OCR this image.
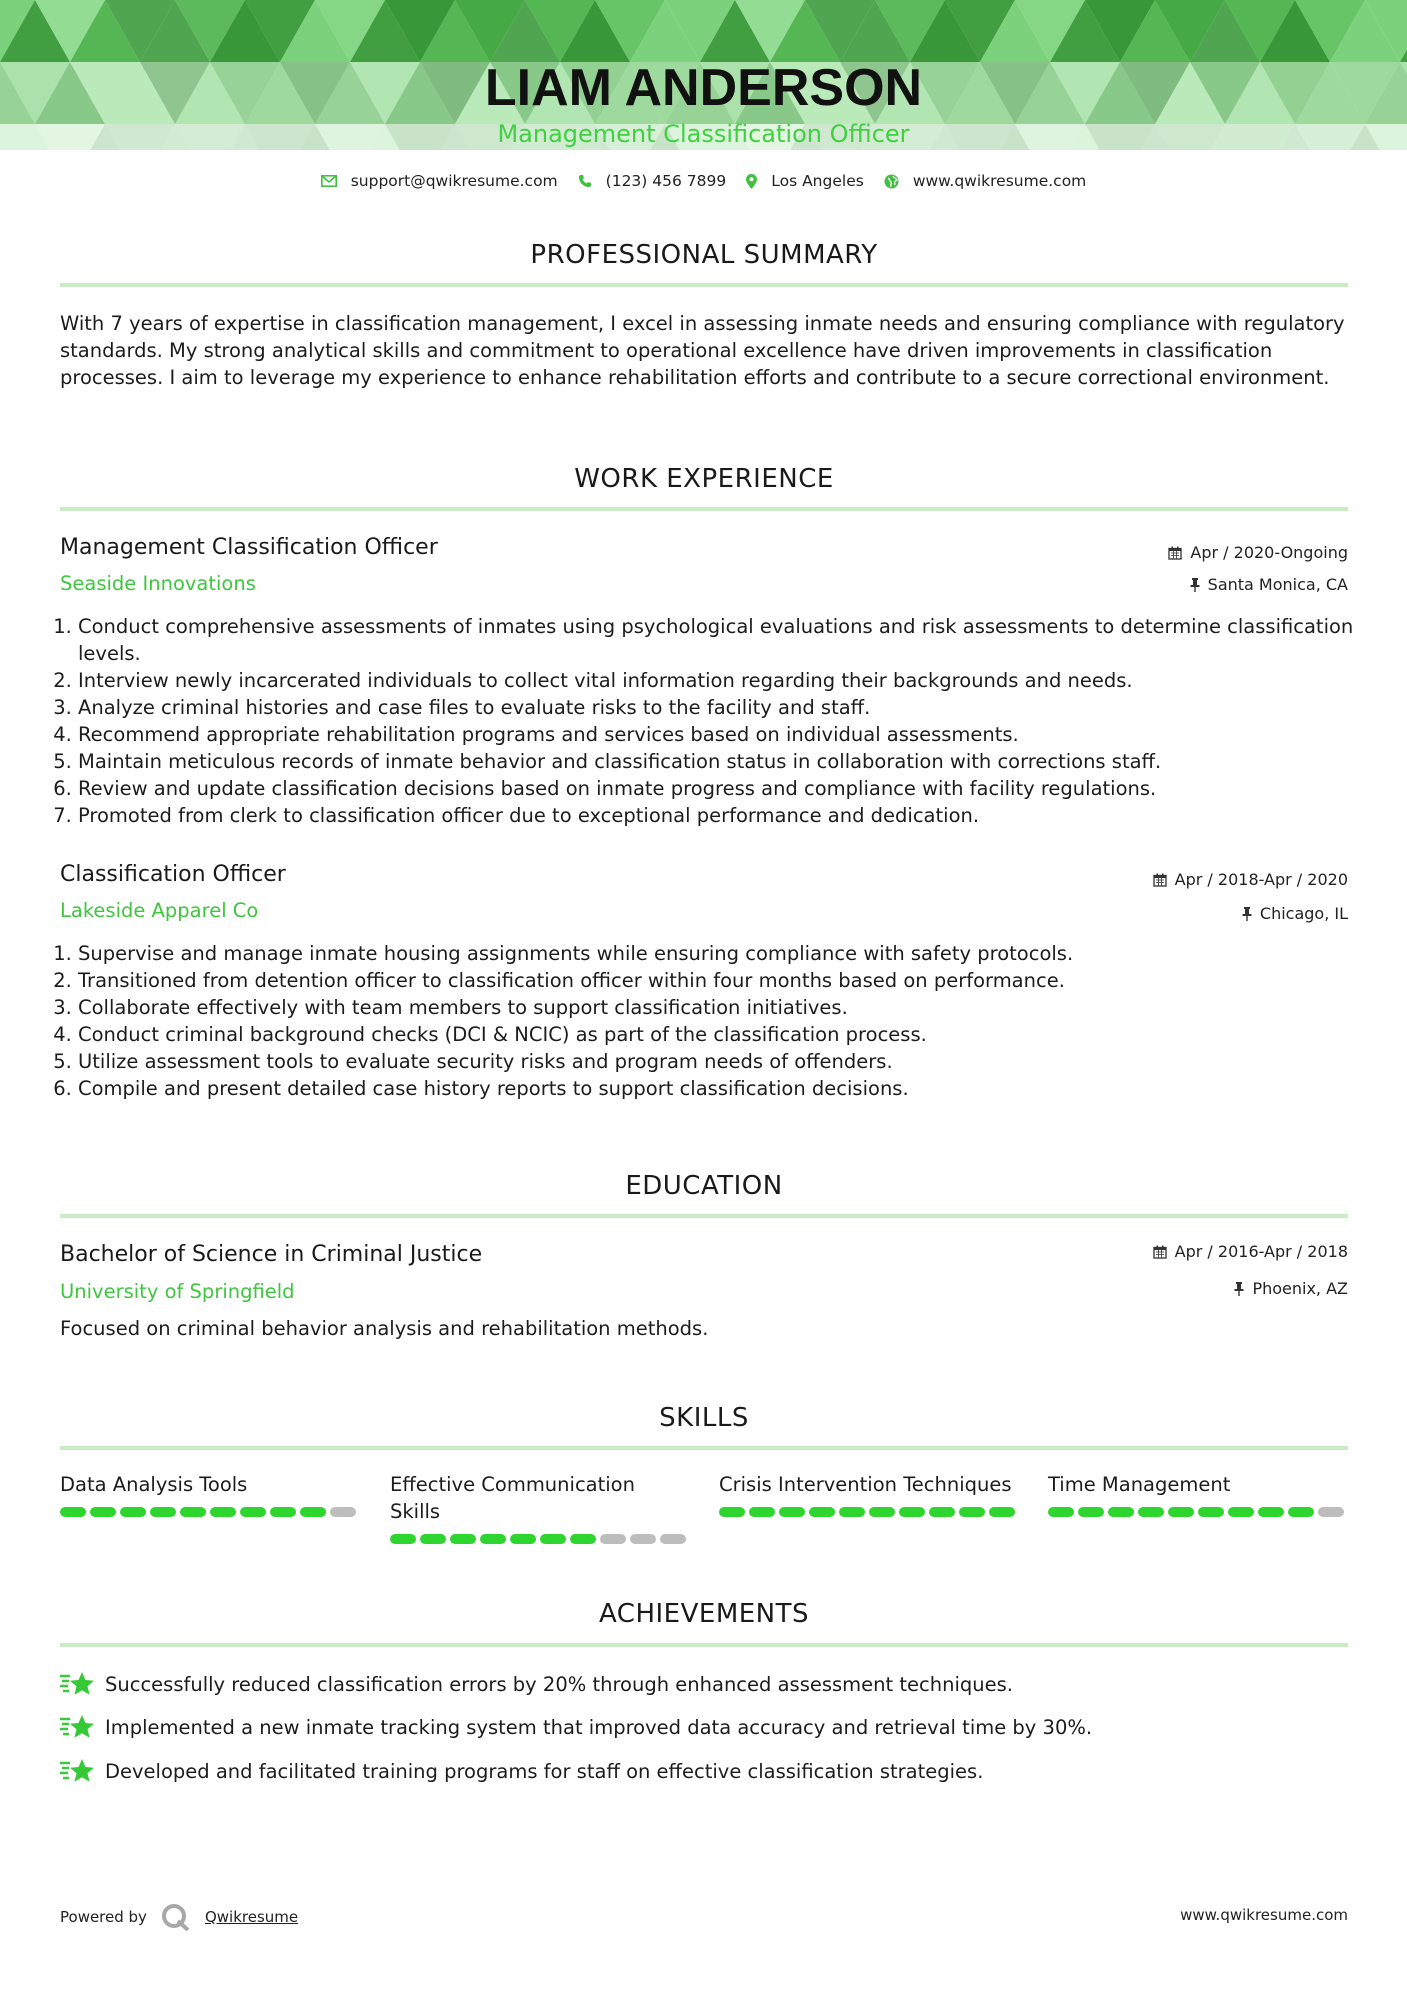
LIAM ANDERSON
Management Classification Officer
support@qwikresume.com	(123) 456 7899	Los Angeles	www.qwikresume.com
PROFESSIONAL SUMMARY
With 7 years of expertise in classification management, I excel in assessing inmate needs and ensuring compliance with regulatory standards. My strong analytical skills and commitment to operational excellence have driven improvements in classification processes. I aim to leverage my experience to enhance rehabilitation efforts and contribute to a secure correctional environment.
WORK EXPERIENCE
Management Classification Officer
Seaside Innovations
Apr / 2020-Ongoing
Santa Monica, CA
1. Conduct comprehensive assessments of inmates using psychological evaluations and risk assessments to determine classification levels.
2. Interview newly incarcerated individuals to collect vital information regarding their backgrounds and needs.
3. Analyze criminal histories and case files to evaluate risks to the facility and staff.
4. Recommend appropriate rehabilitation programs and services based on individual assessments.
5. Maintain meticulous records of inmate behavior and classification status in collaboration with corrections staff.
6. Review and update classification decisions based on inmate progress and compliance with facility regulations.
7. Promoted from clerk to classification officer due to exceptional performance and dedication.
Classification Officer
Lakeside Apparel Co
Apr / 2018-Apr / 2020
Chicago, IL
1. Supervise and manage inmate housing assignments while ensuring compliance with safety protocols.
2. Transitioned from detention officer to classification officer within four months based on performance.
3. Collaborate effectively with team members to support classification initiatives.
4. Conduct criminal background checks (DCI & NCIC) as part of the classification process.
5. Utilize assessment tools to evaluate security risks and program needs of offenders.
6. Compile and present detailed case history reports to support classification decisions.
EDUCATION
Bachelor of Science in Criminal Justice
University of Springfield
Apr / 2016-Apr / 2018
Phoenix, AZ
Focused on criminal behavior analysis and rehabilitation methods.
SKILLS
Data Analysis Tools	Effective Communication Skills
Crisis Intervention Techniques	Time Management
ACHIEVEMENTS
Successfully reduced classification errors by 20% through enhanced assessment techniques.
Implemented a new inmate tracking system that improved data accuracy and retrieval time by 30%.
Developed and facilitated training programs for staff on effective classification strategies.
Powered by	Qwikresume	www.qwikresume.com
